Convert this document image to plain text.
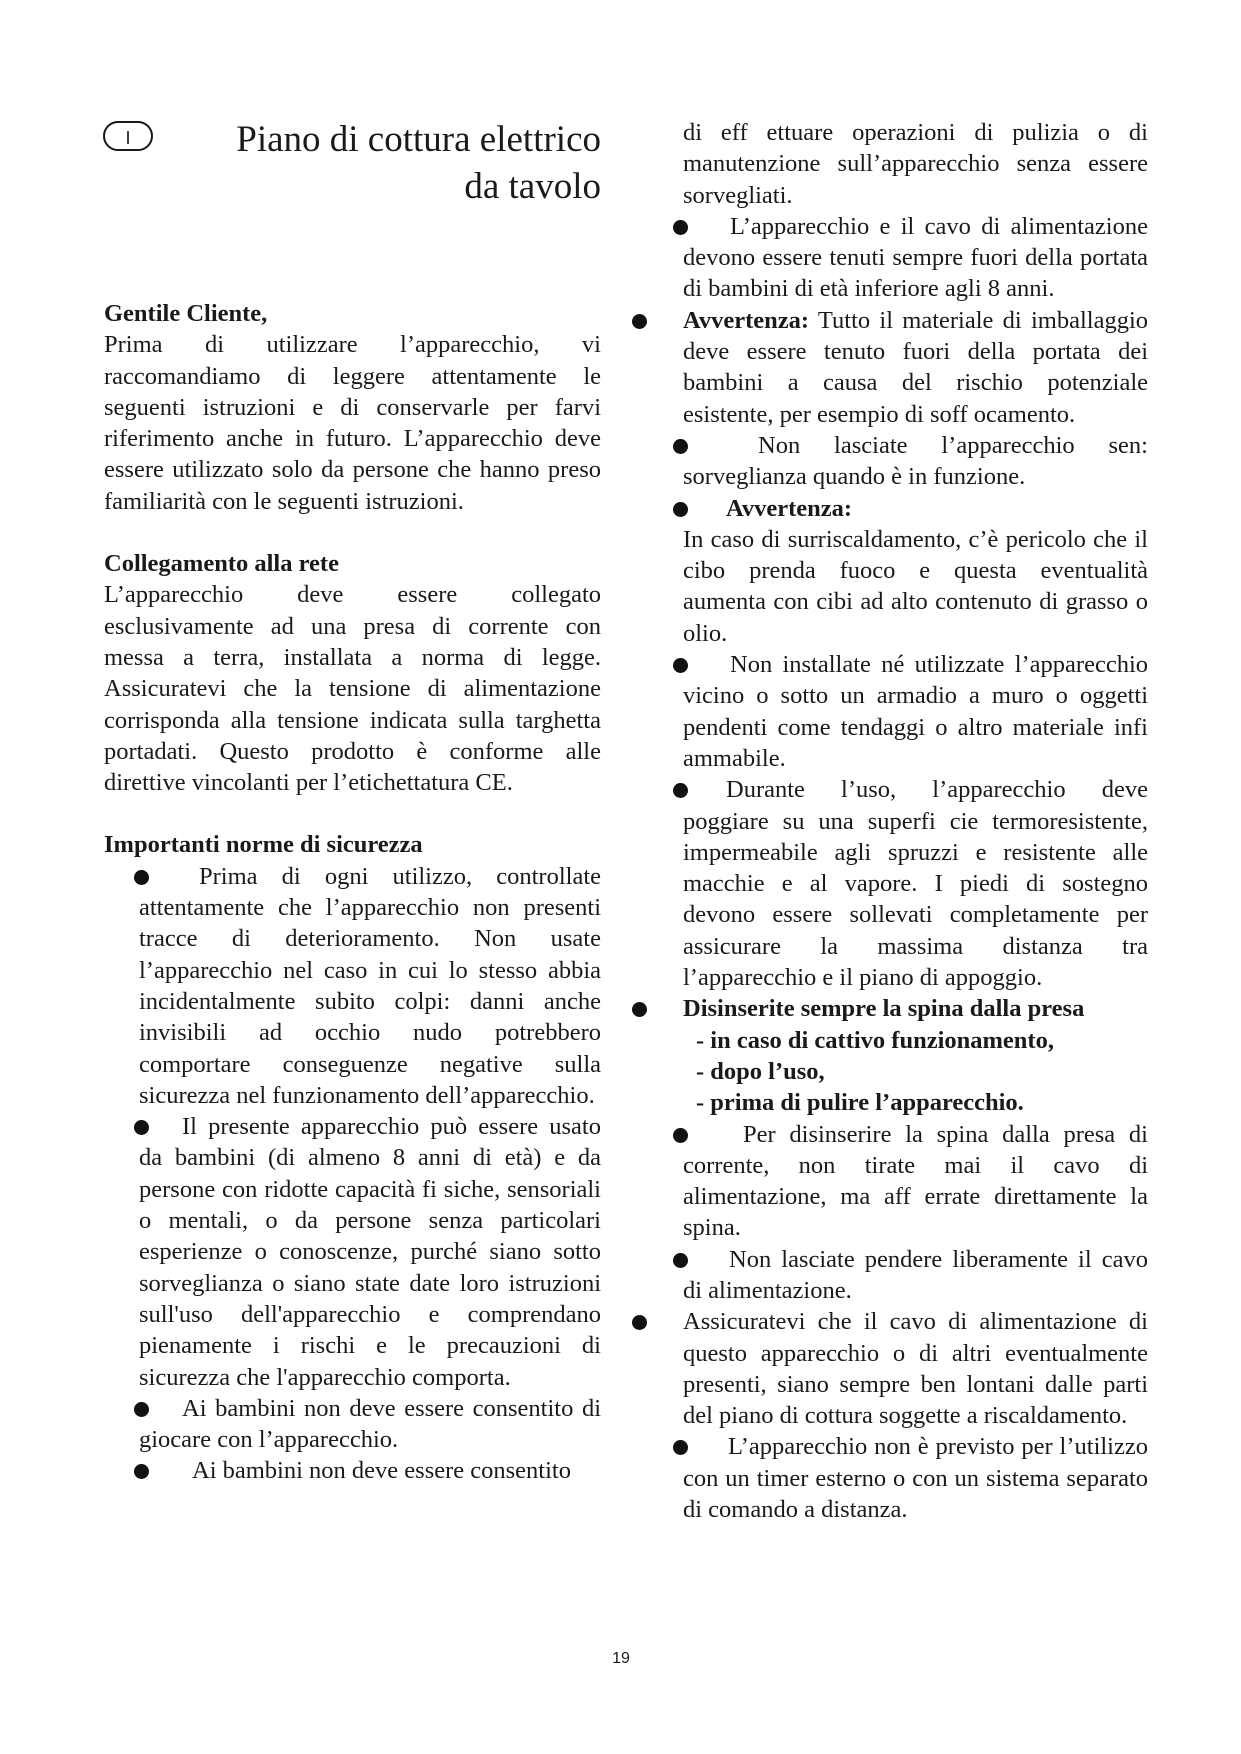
I	Piano di cottura elettrico
da tavolo

Gentile Cliente,

Prima di utilizzare l’apparecchio, vi raccomandiamo di leggere attentamente le seguenti istruzioni e di conservarle per farvi riferimento anche in futuro. L’apparecchio deve essere utilizzato solo da persone che hanno preso familiarità con le seguenti istruzioni.

Collegamento alla rete

L’apparecchio deve essere collegato esclusivamente ad una presa di corrente con messa a terra, installata a norma di legge. Assicuratevi che la tensione di alimentazione corrisponda alla tensione indicata sulla targhetta portadati. Questo prodotto è conforme alle direttive vincolanti per l’etichettatura CE.

Importanti norme di sicurezza

Prima di ogni utilizzo, controllate attentamente che l’apparecchio non presenti tracce di deterioramento. Non usate l’apparecchio nel caso in cui lo stesso abbia incidentalmente subito colpi: danni anche invisibili ad occhio nudo potrebbero comportare conseguenze negative sulla sicurezza nel funzionamento dell’apparecchio.

Il presente apparecchio può essere usato da bambini (di almeno 8 anni di età) e da persone con ridotte capacità fi siche, sensoriali o mentali, o da persone senza particolari esperienze o conoscenze, purché siano sotto sorveglianza o siano state date loro istruzioni sull'uso dell'apparecchio e comprendano pienamente i rischi e le precauzioni di sicurezza che l'apparecchio comporta.

Ai bambini non deve essere consentito di giocare con l’apparecchio.

Ai bambini non deve essere consentito

di eff ettuare operazioni di pulizia o di manutenzione sull’apparecchio senza essere sorvegliati.

L’apparecchio e il cavo di alimentazione devono essere tenuti sempre fuori della portata di bambini di età inferiore agli 8 anni.

Avvertenza: Tutto il materiale di imballaggio deve essere tenuto fuori della portata dei bambini a causa del rischio potenziale esistente, per esempio di soff ocamento.

Non lasciate l’apparecchio sen: sorveglianza quando è in funzione.

Avvertenza:

In caso di surriscaldamento, c’è pericolo che il cibo prenda fuoco e questa eventualità aumenta con cibi ad alto contenuto di grasso o olio.

Non installate né utilizzate l’apparecchio vicino o sotto un armadio a muro o oggetti pendenti come tendaggi o altro materiale infi ammabile.

Durante l’uso, l’apparecchio deve poggiare su una superfi cie termoresistente, impermeabile agli spruzzi e resistente alle macchie e al vapore. I piedi di sostegno devono essere sollevati completamente per assicurare la massima distanza tra l’apparecchio e il piano di appoggio.

Disinserite sempre la spina dalla presa

- in caso di cattivo funzionamento,

- dopo l’uso,

- prima di pulire l’apparecchio.

Per disinserire la spina dalla presa di corrente, non tirate mai il cavo di alimentazione, ma aff errate direttamente la spina.

Non lasciate pendere liberamente il cavo di alimentazione.

Assicuratevi che il cavo di alimentazione di questo apparecchio o di altri eventualmente presenti, siano sempre ben lontani dalle parti del piano di cottura soggette a riscaldamento.

L’apparecchio non è previsto per l’utilizzo con un timer esterno o con un sistema separato di comando a distanza.

19
